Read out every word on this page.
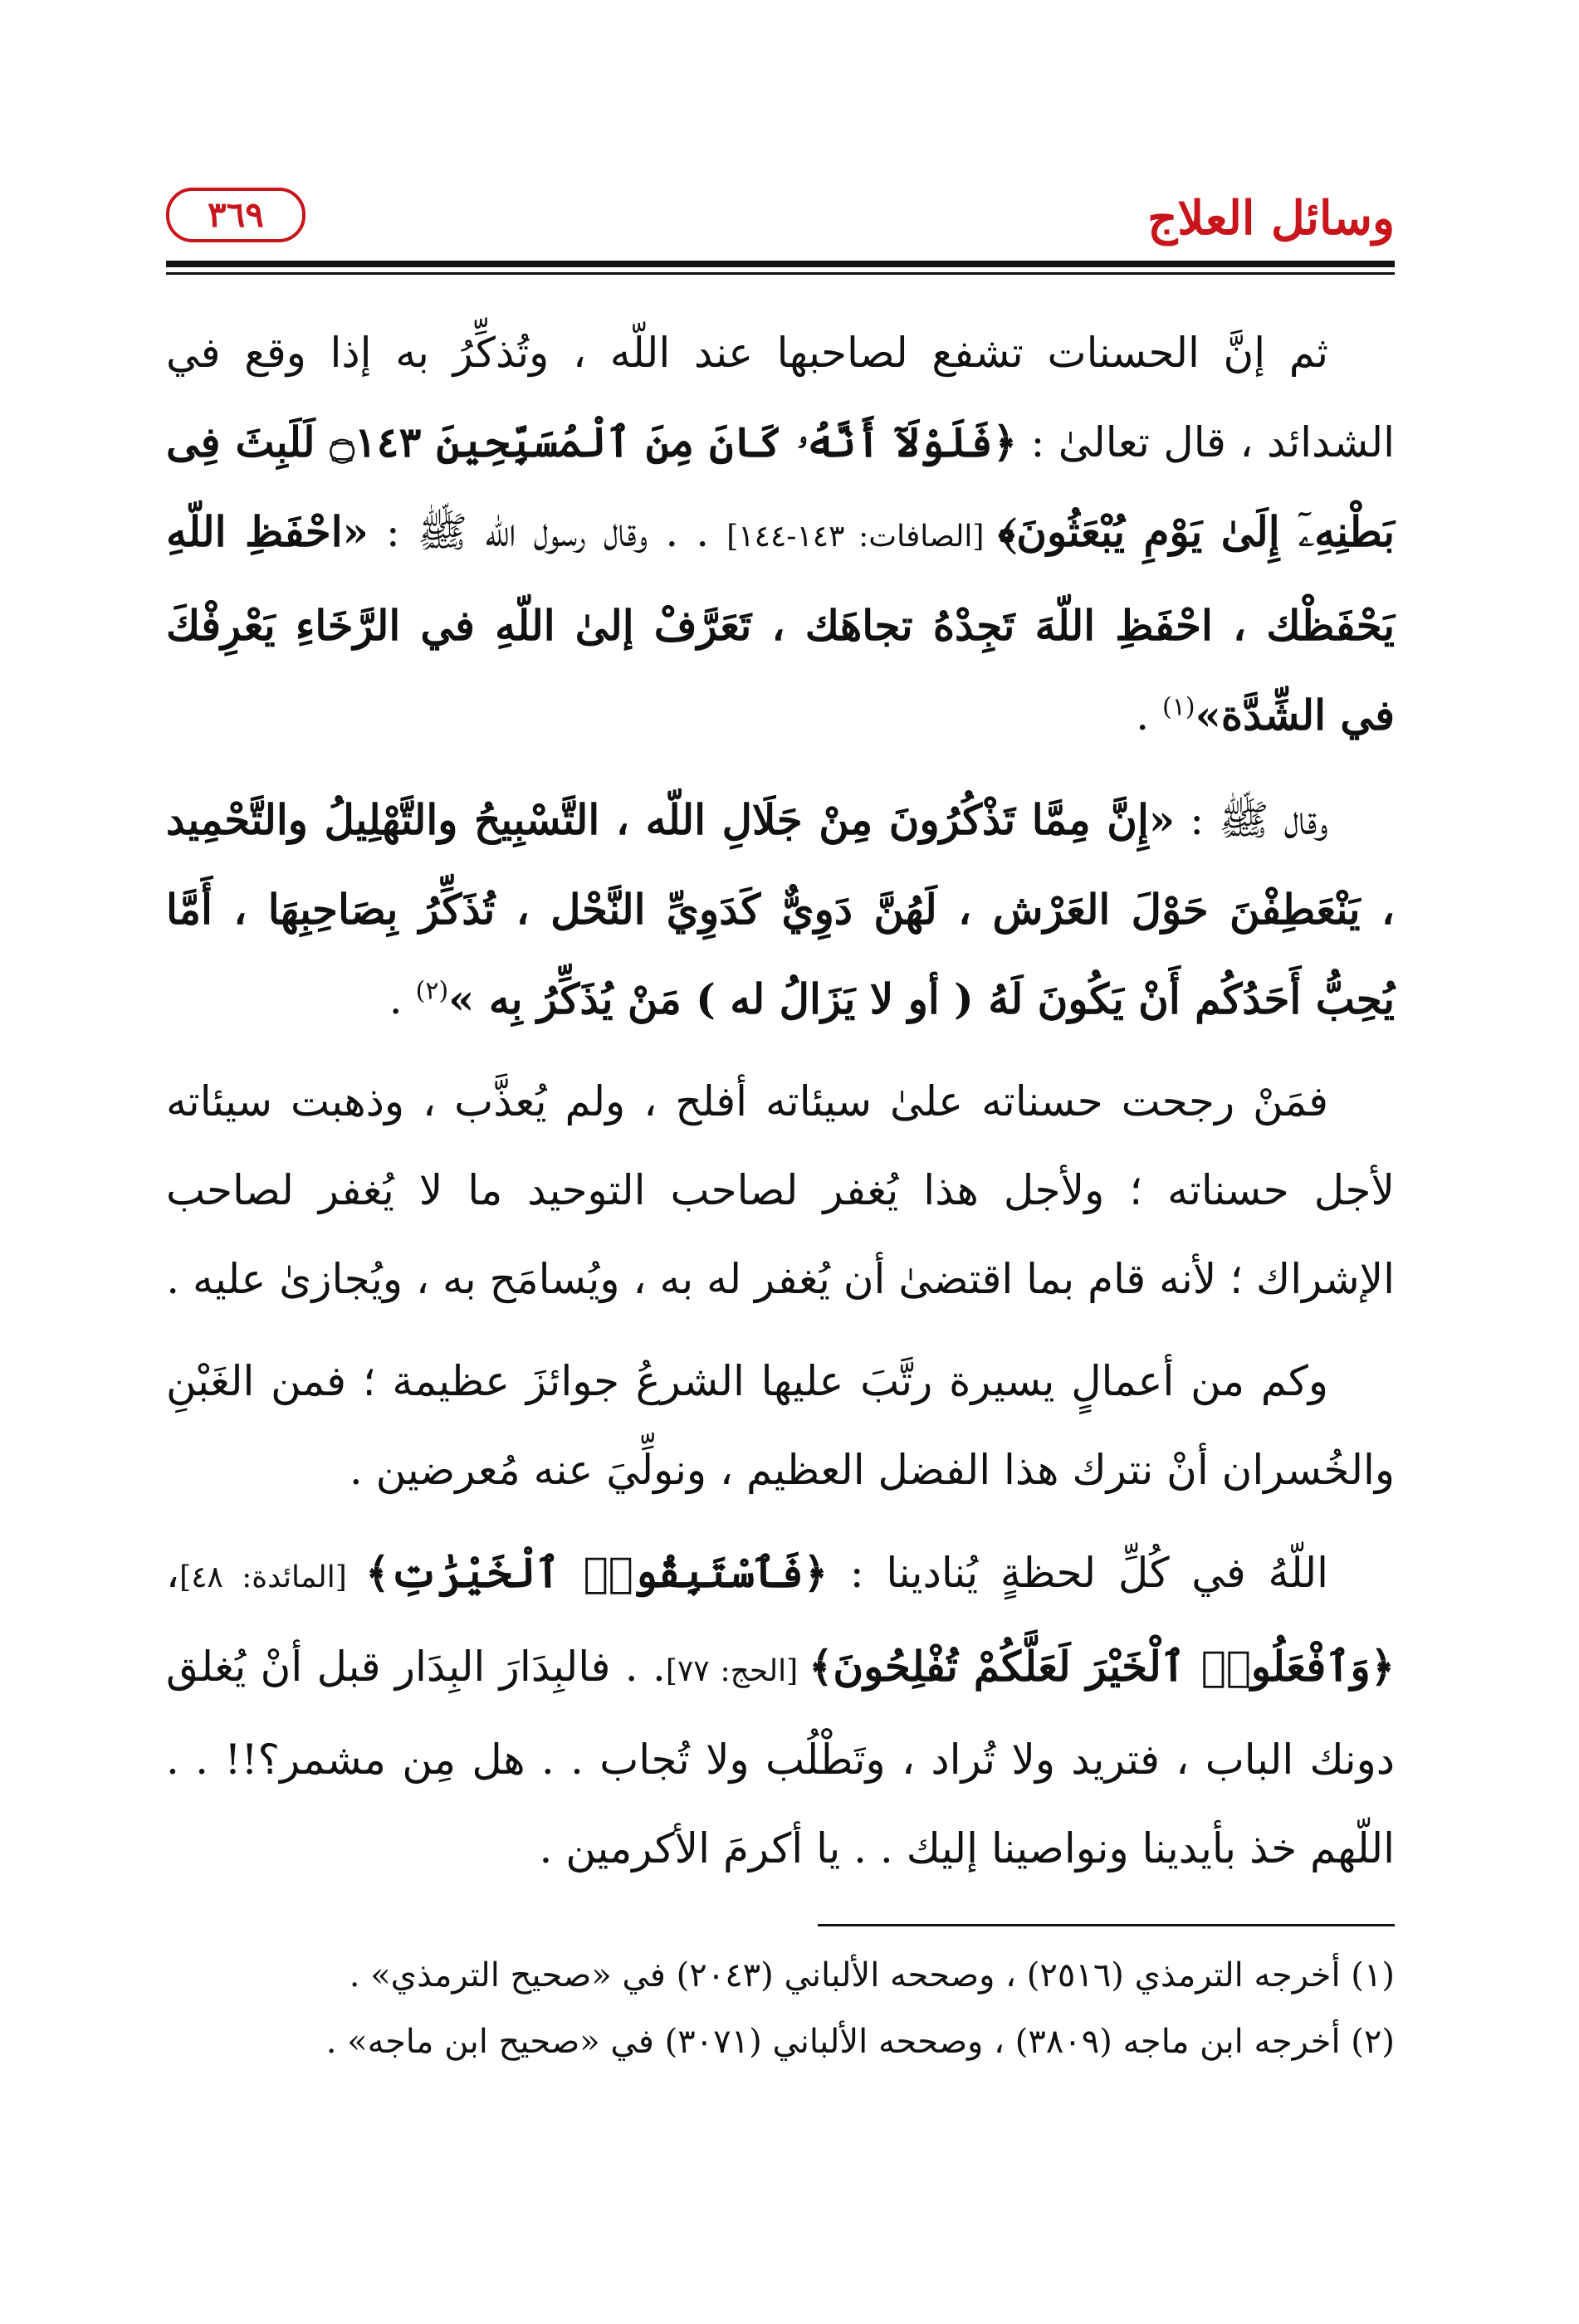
وسائل العلاج
٣٦٩

ثم إنَّ الحسنات تشفع لصاحبها عند اللّه ، وتُذكِّرُ به إذا وقع في الشدائد ، قال تعالىٰ : ﴿فَلَوْلَآ أَنَّهُۥ كَانَ مِنَ ٱلْمُسَبِّحِينَ ۝١٤٣ لَلَبِثَ فِى بَطْنِهِۦٓ إِلَىٰ يَوْمِ يُبْعَثُونَ﴾ [الصافات: ١٤٣-١٤٤] . . وقال رسول اللّه ﷺ : «احْفَظِ اللّهِ يَحْفَظْك ، احْفَظِ اللّهَ تَجِدْهُ تجاهَك ، تَعَرَّفْ إلىٰ اللّهِ في الرَّخَاءِ يَعْرِفْكَ في الشِّدَّة»$^{(١)}$ .

وقال ﷺ : «إِنَّ مِمَّا تَذْكُرُونَ مِنْ جَلَالِ اللّه ، التَّسْبِيحُ والتَّهْلِيلُ والتَّحْمِيد ، يَنْعَطِفْنَ حَوْلَ العَرْش ، لَهُنَّ دَوِيٌّ كَدَوِيِّ النَّحْل ، تُذَكِّرُ بِصَاحِبِهَا ، أَمَّا يُحِبُّ أَحَدُكُم أَنْ يَكُونَ لَهُ ( أو لا يَزَالُ له ) مَنْ يُذَكِّرُ بِه »$^{(٢)}$ .

فمَنْ رجحت حسناته علىٰ سيئاته أفلح ، ولم يُعذَّب ، وذهبت سيئاته لأجل حسناته ؛ ولأجل هذا يُغفر لصاحب التوحيد ما لا يُغفر لصاحب الإشراك ؛ لأنه قام بما اقتضىٰ أن يُغفر له به ، ويُسامَح به ، ويُجازىٰ عليه .

وكم من أعمالٍ يسيرة رتَّبَ عليها الشرعُ جوائزَ عظيمة ؛ فمن الغَبْنِ والخُسران أنْ نترك هذا الفضل العظيم ، ونولِّيَ عنه مُعرضين .

اللّهُ في كُلِّ لحظةٍ يُنادينا : ﴿فَٱسْتَبِقُوا۟ ٱلْخَيْرَٰتِ﴾ [المائدة: ٤٨]، ﴿وَٱفْعَلُوا۟ ٱلْخَيْرَ لَعَلَّكُمْ تُفْلِحُونَ﴾ [الحج: ٧٧]. . فالبِدَارَ البِدَار قبل أنْ يُغلق دونك الباب ، فتريد ولا تُراد ، وتَطْلُب ولا تُجاب . . هل مِن مشمر؟!! . . اللّهم خذ بأيدينا ونواصينا إليك . . يا أكرمَ الأكرمين .

(١) أخرجه الترمذي (٢٥١٦) ، وصححه الألباني (٢٠٤٣) في «صحيح الترمذي» .

(٢) أخرجه ابن ماجه (٣٨٠٩) ، وصححه الألباني (٣٠٧١) في «صحيح ابن ماجه» .
